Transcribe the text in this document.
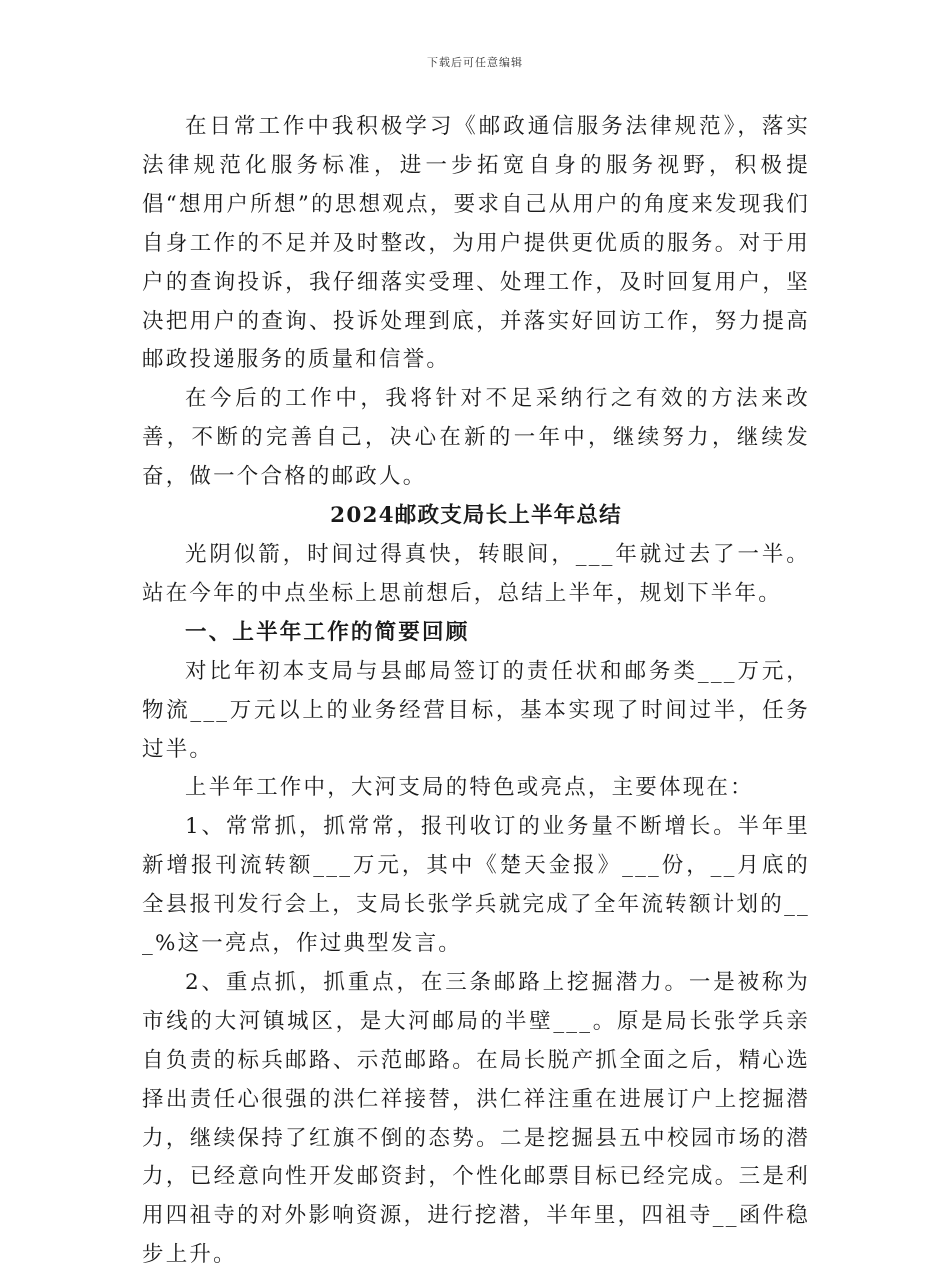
下载后可任意编辑

在日常工作中我积极学习《邮政通信服务法律规范》，落实法律规范化服务标准，进一步拓宽自身的服务视野，积极提倡“想用户所想”的思想观点，要求自己从用户的角度来发现我们自身工作的不足并及时整改，为用户提供更优质的服务。对于用户的查询投诉，我仔细落实受理、处理工作，及时回复用户，坚决把用户的查询、投诉处理到底，并落实好回访工作，努力提高邮政投递服务的质量和信誉。

在今后的工作中，我将针对不足采纳行之有效的方法来改善，不断的完善自己，决心在新的一年中，继续努力，继续发奋，做一个合格的邮政人。

2024邮政支局长上半年总结

光阴似箭，时间过得真快，转眼间，___年就过去了一半。站在今年的中点坐标上思前想后，总结上半年，规划下半年。

一、上半年工作的简要回顾

对比年初本支局与县邮局签订的责任状和邮务类___万元，物流___万元以上的业务经营目标，基本实现了时间过半，任务过半。

上半年工作中，大河支局的特色或亮点，主要体现在：

1、常常抓，抓常常，报刊收订的业务量不断增长。半年里新增报刊流转额___万元，其中《楚天金报》___份，__月底的全县报刊发行会上，支局长张学兵就完成了全年流转额计划的___%这一亮点，作过典型发言。

2、重点抓，抓重点，在三条邮路上挖掘潜力。一是被称为市线的大河镇城区，是大河邮局的半壁___。原是局长张学兵亲自负责的标兵邮路、示范邮路。在局长脱产抓全面之后，精心选择出责任心很强的洪仁祥接替，洪仁祥注重在进展订户上挖掘潜力，继续保持了红旗不倒的态势。二是挖掘县五中校园市场的潜力，已经意向性开发邮资封，个性化邮票目标已经完成。三是利用四祖寺的对外影响资源，进行挖潜，半年里，四祖寺__函件稳步上升。
